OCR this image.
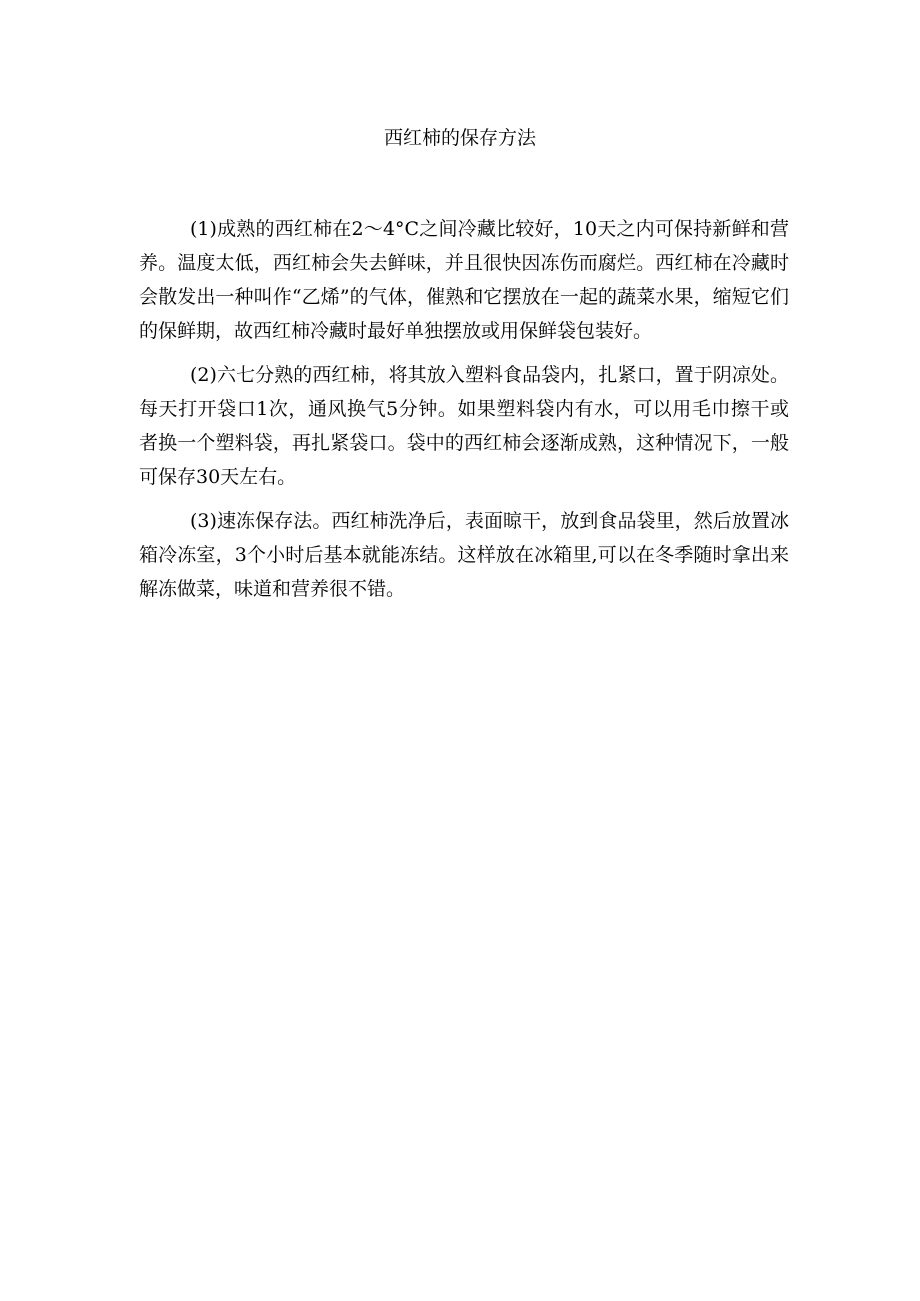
西红柿的保存方法

(1)成熟的西红柿在2～4°C之间冷藏比较好，10天之内可保持新鲜和营养。温度太低，西红柿会失去鲜味，并且很快因冻伤而腐烂。西红柿在冷藏时会散发出一种叫作“乙烯”的气体，催熟和它摆放在一起的蔬菜水果，缩短它们的保鲜期，故西红柿冷藏时最好单独摆放或用保鲜袋包装好。

(2)六七分熟的西红柿，将其放入塑料食品袋内，扎紧口，置于阴凉处。每天打开袋口1次，通风换气5分钟。如果塑料袋内有水，可以用毛巾擦干或者换一个塑料袋，再扎紧袋口。袋中的西红柿会逐渐成熟，这种情况下，一般可保存30天左右。

(3)速冻保存法。西红柿洗净后，表面晾干，放到食品袋里，然后放置冰箱冷冻室，3个小时后基本就能冻结。这样放在冰箱里,可以在冬季随时拿出来解冻做菜，味道和营养很不错。
